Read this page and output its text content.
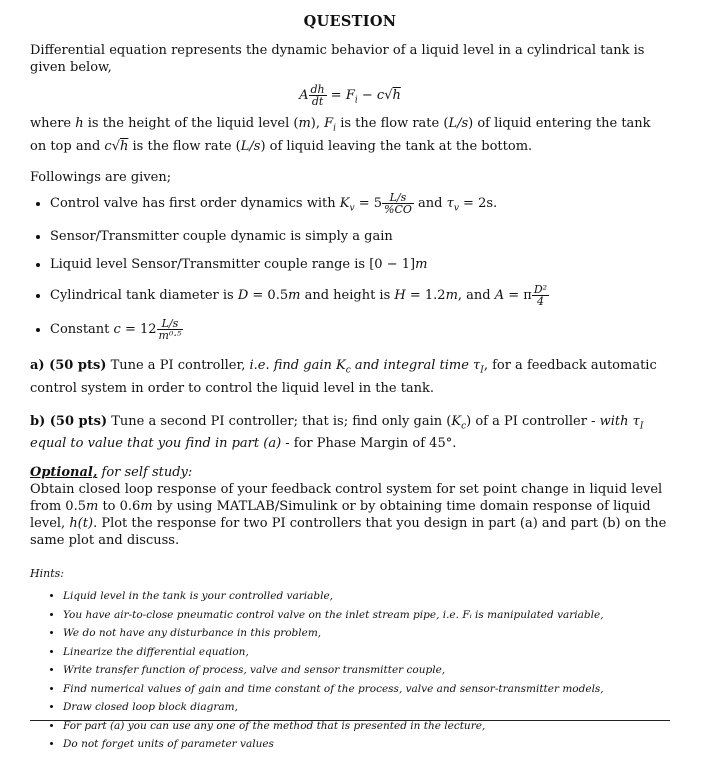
QUESTION

Differential equation represents the dynamic behavior of a liquid level in a cylindrical tank is given below,

A $\frac{dh}{dt} = F_i - c√h$

where h is the height of the liquid level (m), $F_i$ is the flow rate (L/s) of liquid entering the tank on top and c√h is the flow rate (L/s) of liquid leaving the tank at the bottom.

Followings are given;

• Control valve has first order dynamics with $K_v = 5 \frac{L/s}{\%CO}$ and $\tau_v = 2s$.
• Sensor/Transmitter couple dynamic is simply a gain
• Liquid level Sensor/Transmitter couple range is [0 − 1]m
• Cylindrical tank diameter is D = 0.5m and height is H = 1.2m, and A = π $\frac{\text{D²}}{4}$
• Constant $c = 12 \frac{L/s}{\text{m⁰·⁵}}$

a) (50 pts) Tune a PI controller, i.e. find gain $K_c$ and integral time $\tau_I$, for a feedback automatic control system in order to control the liquid level in the tank.

b) (50 pts) Tune a second PI controller; that is; find only gain $(K_c)$ of a PI controller - with $\tau_I$ equal to value that you find in part (a) - for Phase Margin of 45°.

Optional, for self study:

Obtain closed loop response of your feedback control system for set point change in liquid level from 0.5m to 0.6m by using MATLAB/Simulink or by obtaining time domain response of liquid level, h(t). Plot the response for two PI controllers that you design in part (a) and part (b) on the same plot and discuss.

Hints:

• Liquid level in the tank is your controlled variable,
• You have air-to-close pneumatic control valve on the inlet stream pipe, i.e. Fᵢ is manipulated variable,
• We do not have any disturbance in this problem,
• Linearize the differential equation,
• Write transfer function of process, valve and sensor transmitter couple,
• Find numerical values of gain and time constant of the process, valve and sensor-transmitter models,
• Draw closed loop block diagram,
• For part (a) you can use any one of the method that is presented in the lecture,
• Do not forget units of parameter values
